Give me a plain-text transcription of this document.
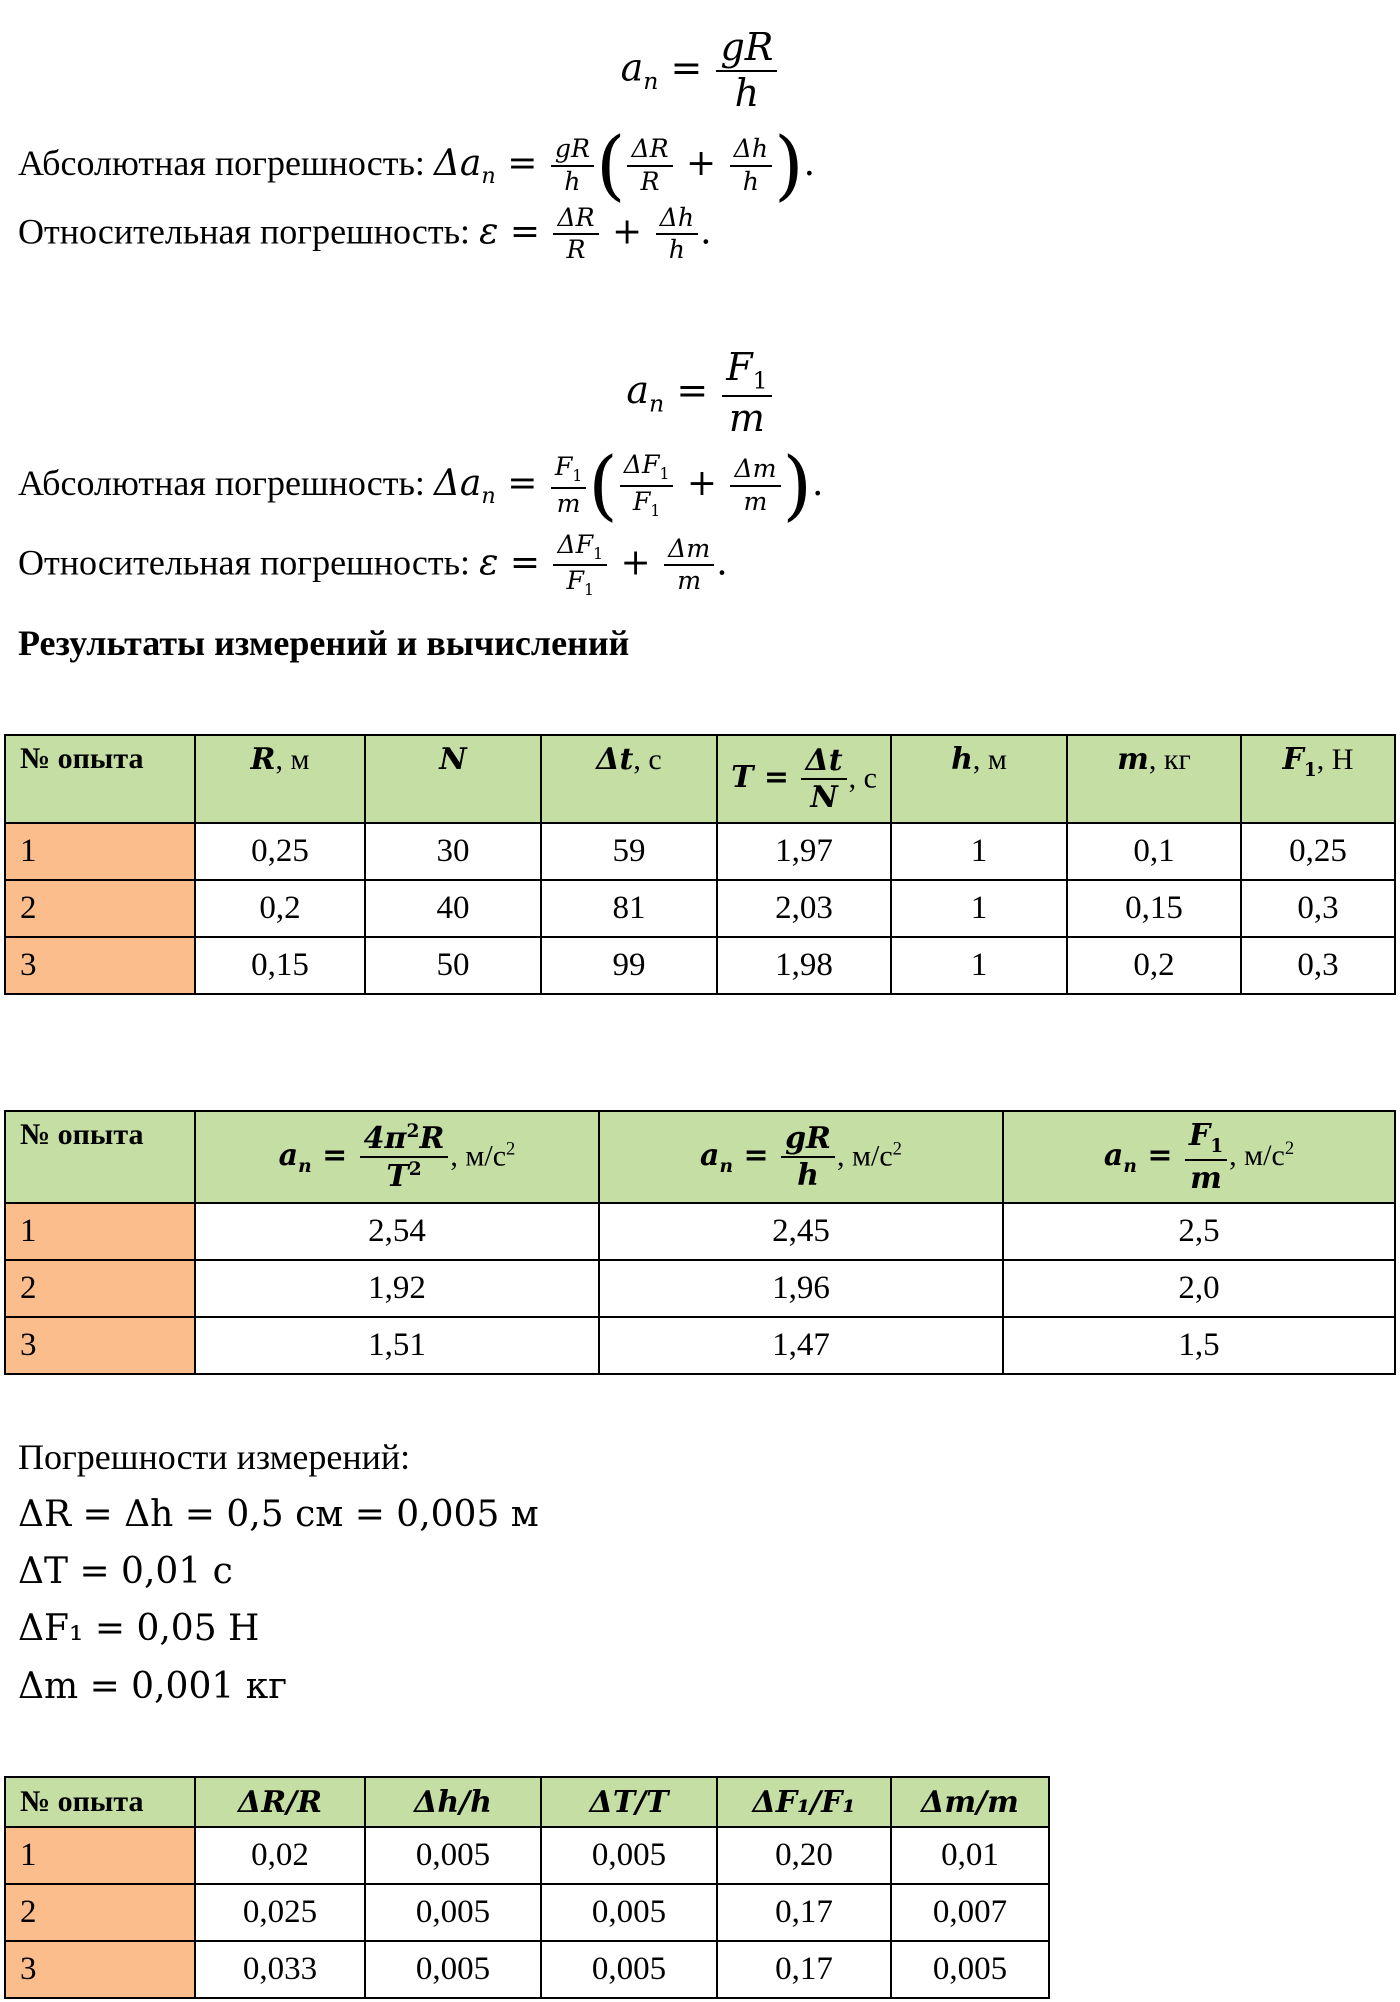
$a_n = \frac{gR}{h}$
Абсолютная погрешность: $\Delta a_n = \frac{gR}{h}$ ( $\frac{\Delta R}{R} + \frac{\Delta h}{h}$ ).
Относительная погрешность: $\varepsilon = \frac{\Delta R}{R} + \frac{\Delta h}{h}$ .
$a_n = \frac{F_1}{m}$
Абсолютная погрешность: $\Delta a_n = \frac{F_1}{m}$ ( $\frac{\Delta F_1}{F_1} + \frac{\Delta m}{m}$ ).
Относительная погрешность: $\varepsilon = \frac{\Delta F_1}{F_1} + \frac{\Delta m}{m}$ .
Результаты измерений и вычислений
№ опыта	R, м	N	Δt, с	$T = \frac{\Delta t}{N}$ , с	h, м	m, кг	$F_1$, Н
1	0,25	30	59	1,97	1	0,1	0,25
2	0,2	40	81	2,03	1	0,15	0,3
3	0,15	50	99	1,98	1	0,2	0,3
№ опыта	$a_n = \frac{4\pi^2R}{T^2}$ , $м/с^2$	$a_n = \frac{gR}{h}$ , $м/с^2$	$a_n = \frac{F_1}{m}$ , $м/с^2$
1	2,54	2,45	2,5
2	1,92	1,96	2,0
3	1,51	1,47	1,5
Погрешности измерений:
ΔR = Δh = 0,5 см = 0,005 м
ΔT = 0,01 с
ΔF₁ = 0,05 Н
Δm = 0,001 кг
№ опыта	ΔR/R	Δh/h	ΔT/T	ΔF₁/F₁	Δm/m
1	0,02	0,005	0,005	0,20	0,01
2	0,025	0,005	0,005	0,17	0,007
3	0,033	0,005	0,005	0,17	0,005
